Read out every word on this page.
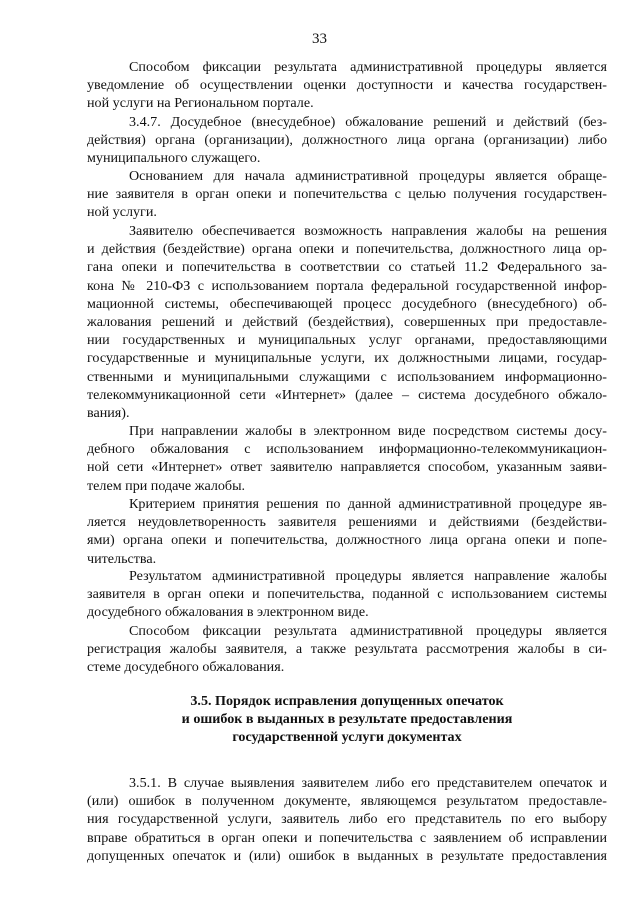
33
Способом фиксации результата административной процедуры является
уведомление об осуществлении оценки доступности и качества государствен-
ной услуги на Региональном портале.
3.4.7. Досудебное (внесудебное) обжалование решений и действий (без-
действия) органа (организации), должностного лица органа (организации) либо
муниципального служащего.
Основанием для начала административной процедуры является обраще-
ние заявителя в орган опеки и попечительства с целью получения государствен-
ной услуги.
Заявителю обеспечивается возможность направления жалобы на решения
и действия (бездействие) органа опеки и попечительства, должностного лица ор-
гана опеки и попечительства в соответствии со статьей 11.2 Федерального за-
кона № 210-ФЗ с использованием портала федеральной государственной инфор-
мационной системы, обеспечивающей процесс досудебного (внесудебного) об-
жалования решений и действий (бездействия), совершенных при предоставле-
нии государственных и муниципальных услуг органами, предоставляющими
государственные и муниципальные услуги, их должностными лицами, государ-
ственными и муниципальными служащими с использованием информационно-
телекоммуникационной сети «Интернет» (далее – система досудебного обжало-
вания).
При направлении жалобы в электронном виде посредством системы досу-
дебного обжалования с использованием информационно-телекоммуникацион-
ной сети «Интернет» ответ заявителю направляется способом, указанным заяви-
телем при подаче жалобы.
Критерием принятия решения по данной административной процедуре яв-
ляется неудовлетворенность заявителя решениями и действиями (бездействи-
ями) органа опеки и попечительства, должностного лица органа опеки и попе-
чительства.
Результатом административной процедуры является направление жалобы
заявителя в орган опеки и попечительства, поданной с использованием системы
досудебного обжалования в электронном виде.
Способом фиксации результата административной процедуры является
регистрация жалобы заявителя, а также результата рассмотрения жалобы в си-
стеме досудебного обжалования.
3.5. Порядок исправления допущенных опечаток
и ошибок в выданных в результате предоставления
государственной услуги документах
3.5.1. В случае выявления заявителем либо его представителем опечаток и
(или) ошибок в полученном документе, являющемся результатом предоставле-
ния государственной услуги, заявитель либо его представитель по его выбору
вправе обратиться в орган опеки и попечительства с заявлением об исправлении
допущенных опечаток и (или) ошибок в выданных в результате предоставления
